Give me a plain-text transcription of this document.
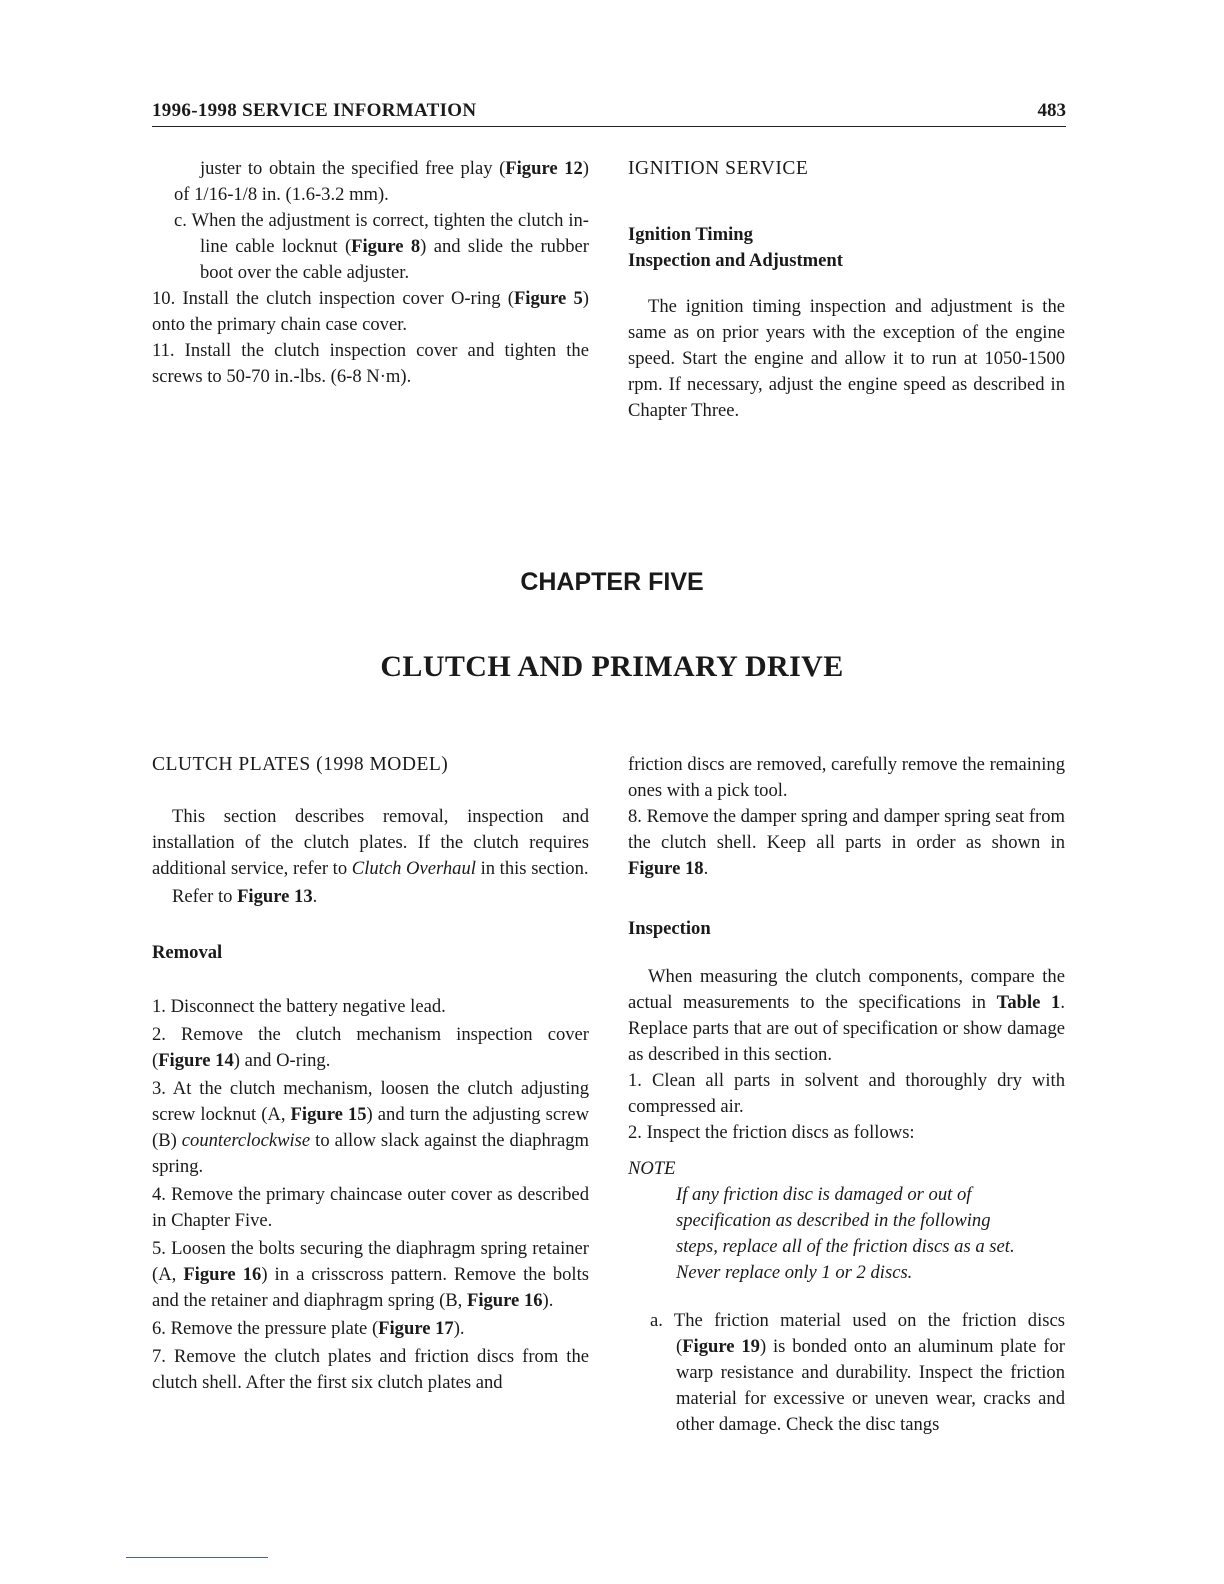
1996-1998 SERVICE INFORMATION	483

juster to obtain the specified free play (Figure 12) of 1/16-1/8 in. (1.6-3.2 mm).

c. When the adjustment is correct, tighten the clutch in-line cable locknut (Figure 8) and slide the rubber boot over the cable adjuster.

10. Install the clutch inspection cover O-ring (Figure 5) onto the primary chain case cover.

11. Install the clutch inspection cover and tighten the screws to 50-70 in.-lbs. (6-8 N·m).

IGNITION SERVICE

Ignition Timing

Inspection and Adjustment

The ignition timing inspection and adjustment is the same as on prior years with the exception of the engine speed. Start the engine and allow it to run at 1050-1500 rpm. If necessary, adjust the engine speed as described in Chapter Three.

CHAPTER FIVE
CLUTCH AND PRIMARY DRIVE

CLUTCH PLATES (1998 MODEL)

This section describes removal, inspection and installation of the clutch plates. If the clutch requires additional service, refer to Clutch Overhaul in this section.

Refer to Figure 13.

Removal

1. Disconnect the battery negative lead.

2. Remove the clutch mechanism inspection cover (Figure 14) and O-ring.

3. At the clutch mechanism, loosen the clutch adjusting screw locknut (A, Figure 15) and turn the adjusting screw (B) counterclockwise to allow slack against the diaphragm spring.

4. Remove the primary chaincase outer cover as described in Chapter Five.

5. Loosen the bolts securing the diaphragm spring retainer (A, Figure 16) in a crisscross pattern. Remove the bolts and the retainer and diaphragm spring (B, Figure 16).

6. Remove the pressure plate (Figure 17).

7. Remove the clutch plates and friction discs from the clutch shell. After the first six clutch plates and

friction discs are removed, carefully remove the remaining ones with a pick tool.

8. Remove the damper spring and damper spring seat from the clutch shell. Keep all parts in order as shown in Figure 18.

Inspection

When measuring the clutch components, compare the actual measurements to the specifications in Table 1. Replace parts that are out of specification or show damage as described in this section.

1. Clean all parts in solvent and thoroughly dry with compressed air.

2. Inspect the friction discs as follows:

NOTE

If any friction disc is damaged or out of specification as described in the following steps, replace all of the friction discs as a set. Never replace only 1 or 2 discs.

a. The friction material used on the friction discs (Figure 19) is bonded onto an aluminum plate for warp resistance and durability. Inspect the friction material for excessive or uneven wear, cracks and other damage. Check the disc tangs
